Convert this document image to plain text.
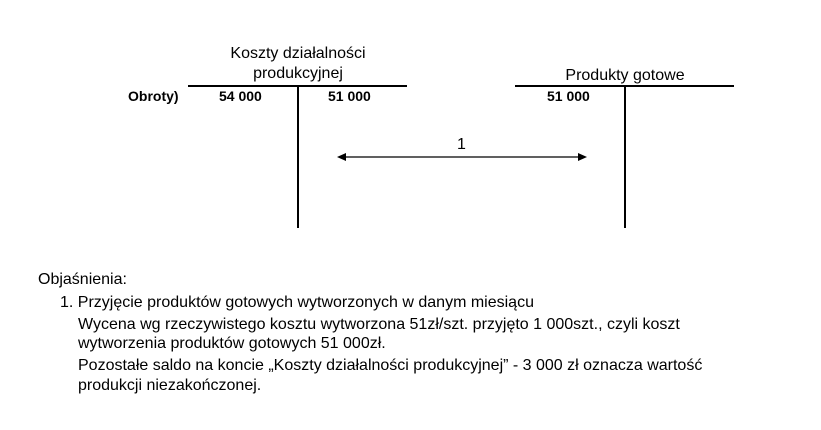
Koszty działalności
produkcyjnej
Obroty)	54 000	51 000
Produkty gotowe
51 000
1
Objaśnienia:
1. Przyjęcie produktów gotowych wytworzonych w danym miesiącu
Wycena wg rzeczywistego kosztu wytworzona 51zł/szt. przyjęto 1 000szt., czyli koszt
wytworzenia produktów gotowych 51 000zł.
Pozostałe saldo na koncie „Koszty działalności produkcyjnej” - 3 000 zł oznacza wartość
produkcji niezakończonej.
